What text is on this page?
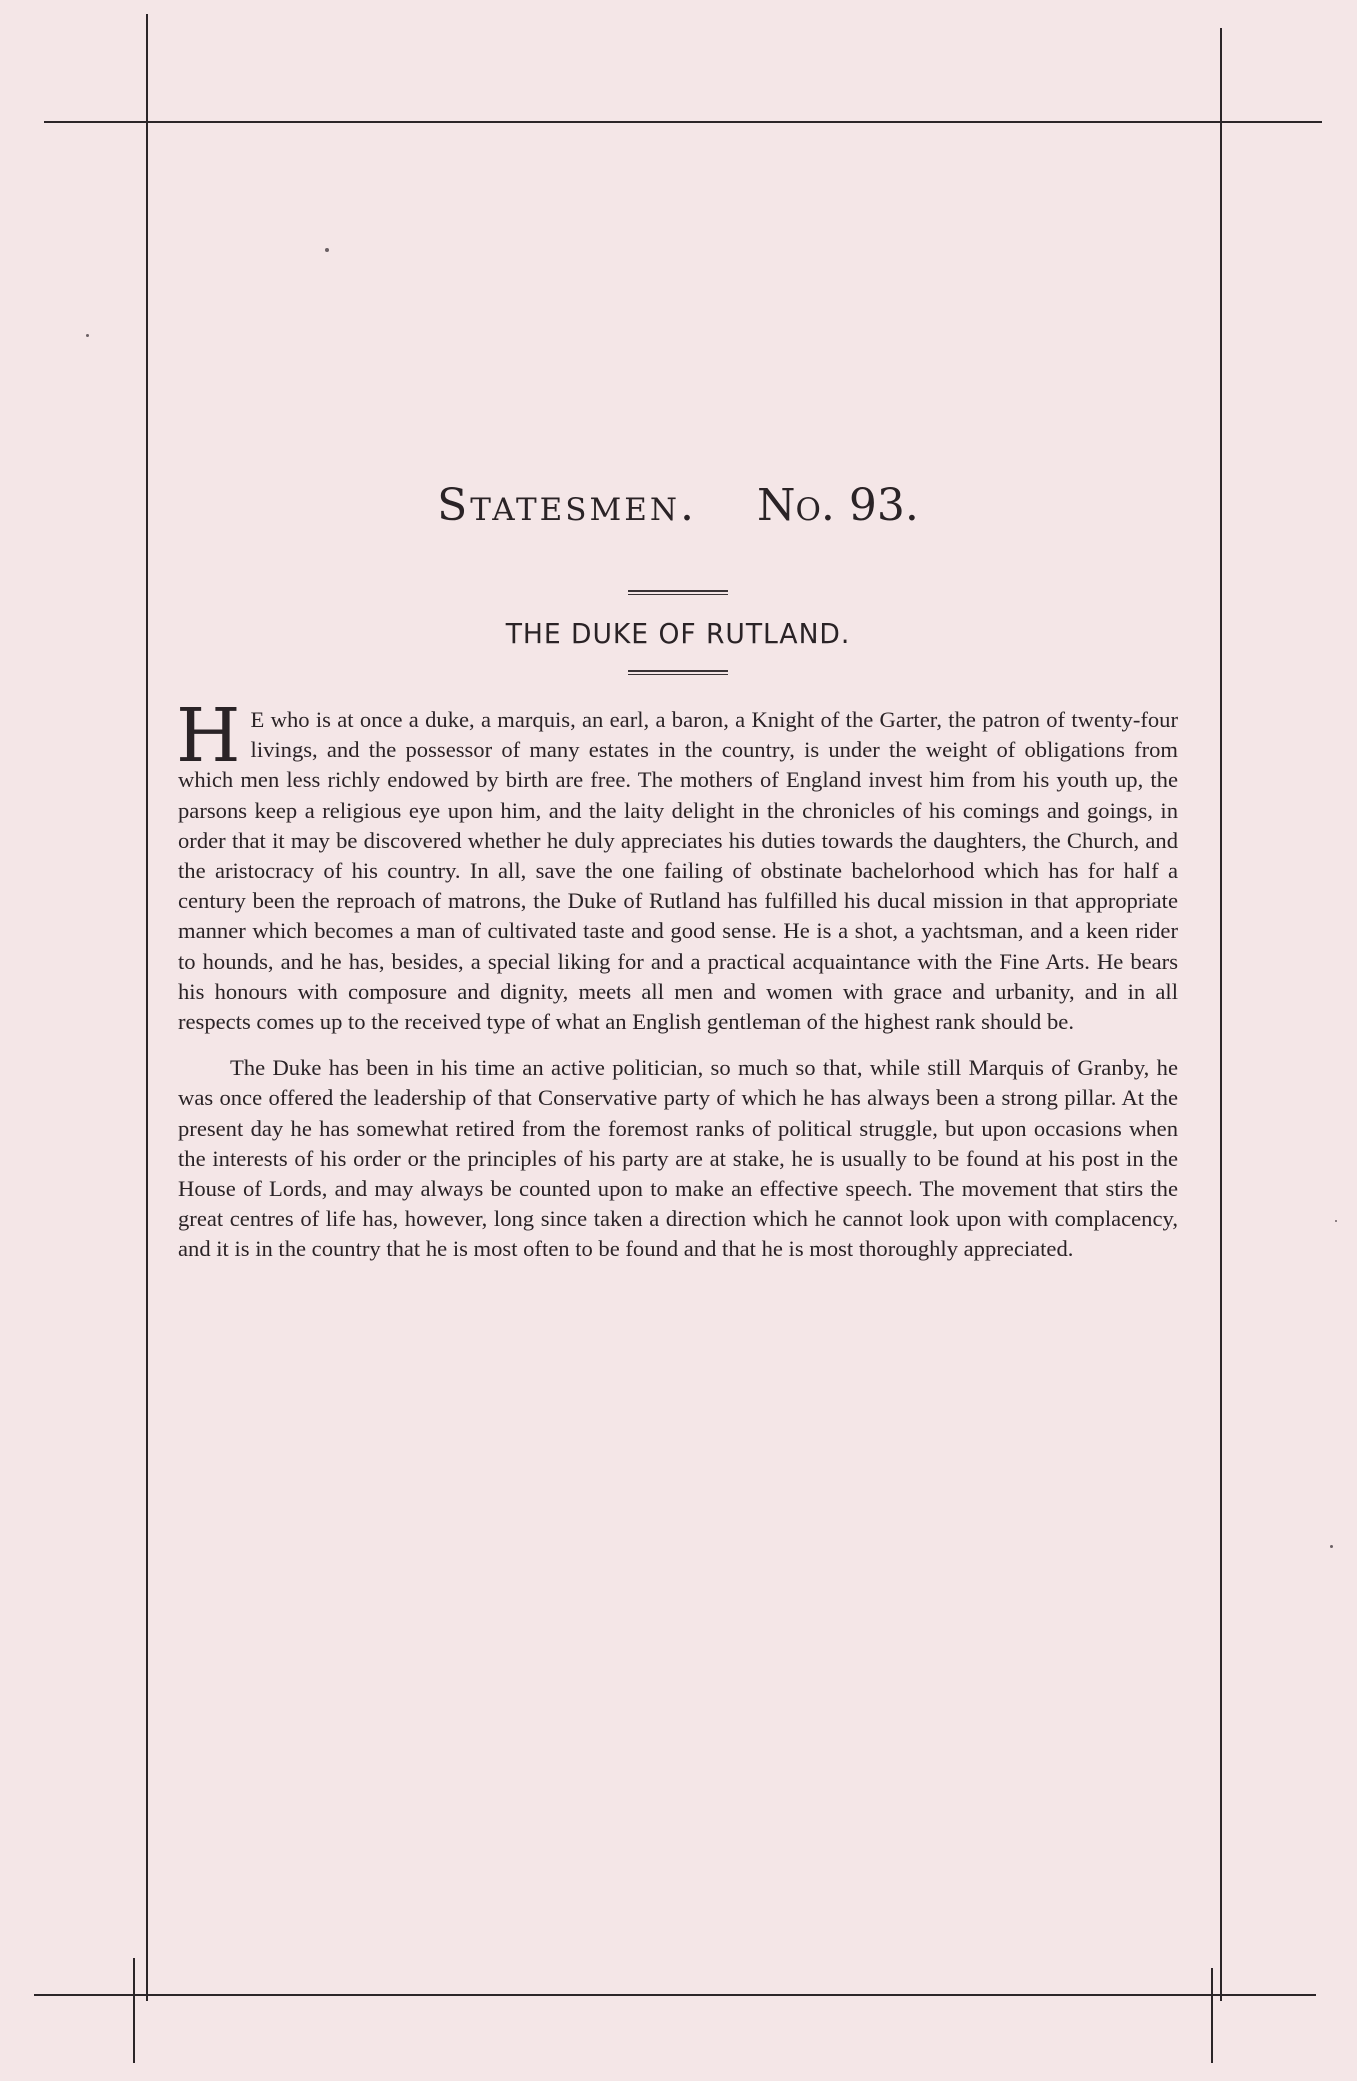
Statesmen. No. 93.
THE DUKE OF RUTLAND.

H E who is at once a duke, a marquis, an earl, a baron, a Knight of the Garter, the patron of twenty-four livings, and the possessor of many estates in the country, is under the weight of obligations from which men less richly endowed by birth are free. The mothers of England invest him from his youth up, the parsons keep a religious eye upon him, and the laity delight in the chronicles of his comings and goings, in order that it may be discovered whether he duly appreciates his duties towards the daughters, the Church, and the aristocracy of his country. In all, save the one failing of obstinate bachelorhood which has for half a century been the reproach of matrons, the Duke of Rutland has fulfilled his ducal mission in that appropriate manner which becomes a man of cultivated taste and good sense. He is a shot, a yachtsman, and a keen rider to hounds, and he has, besides, a special liking for and a practical acquaintance with the Fine Arts. He bears his honours with composure and dignity, meets all men and women with grace and urbanity, and in all respects comes up to the received type of what an English gentleman of the highest rank should be.

The Duke has been in his time an active politician, so much so that, while still Marquis of Granby, he was once offered the leadership of that Conservative party of which he has always been a strong pillar. At the present day he has somewhat retired from the foremost ranks of political struggle, but upon occasions when the interests of his order or the principles of his party are at stake, he is usually to be found at his post in the House of Lords, and may always be counted upon to make an effective speech. The movement that stirs the great centres of life has, however, long since taken a direction which he cannot look upon with complacency, and it is in the country that he is most often to be found and that he is most thoroughly appreciated.
